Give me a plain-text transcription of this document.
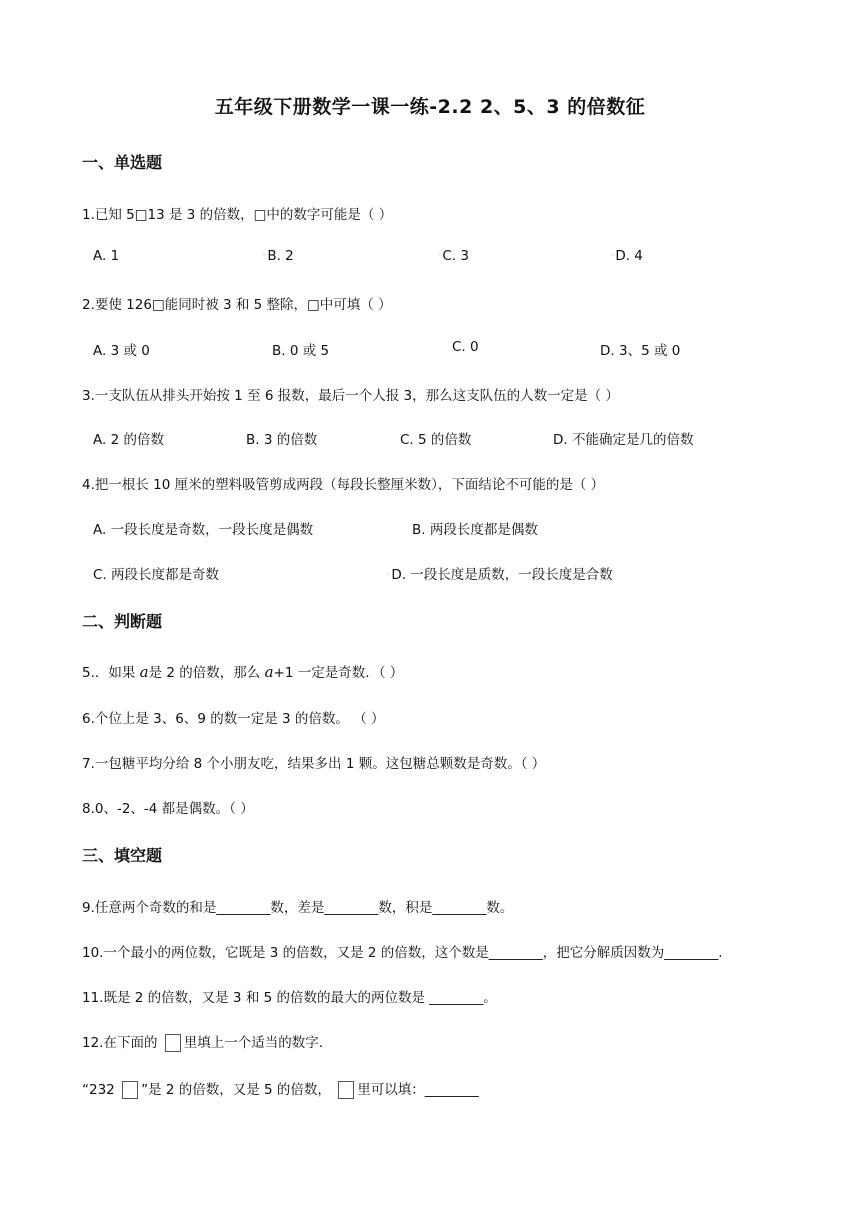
五年级下册数学一课一练-2.2 2、5、3 的倍数征
一、单选题
1.已知 5□13 是 3 的倍数，□中的数字可能是（ ）
A. 1	◦B. 2	◦C. 3	◦D. 4
2.要使 126□能同时被 3 和 5 整除，□中可填（ ）
A. 3 或 0	B. 0 或 5	C. 0	D. 3、5 或 0
3.一支队伍从排头开始按 1 至 6 报数，最后一个人报 3，那么这支队伍的人数一定是（ ）
A. 2 的倍数	B. 3 的倍数	C. 5 的倍数	D. 不能确定是几的倍数
4.把一根长 10 厘米的塑料吸管剪成两段（每段长整厘米数），下面结论不可能的是（ ）
A. 一段长度是奇数，一段长度是偶数	B. 两段长度都是偶数
C. 两段长度都是奇数	◦D. 一段长度是质数，一段长度是合数
二、判断题
5.．如果 a是 2 的倍数，那么 a+1 一定是奇数．（ ）
6.个位上是 3、6、9 的数一定是 3 的倍数。 （ ）
7.一包糖平均分给 8 个小朋友吃，结果多出 1 颗。这包糖总颗数是奇数。（ ）
8.0、-2、-4 都是偶数。（ ）
三、填空题
9.任意两个奇数的和是________数，差是________数，积是________数。
10.一个最小的两位数，它既是 3 的倍数，又是 2 的倍数，这个数是________，把它分解质因数为________.
11.既是 2 的倍数，又是 3 和 5 的倍数的最大的两位数是 ________。
12.在下面的 里填上一个适当的数字.
“232 ”是 2 的倍数，又是 5 的倍数， 里可以填：________
